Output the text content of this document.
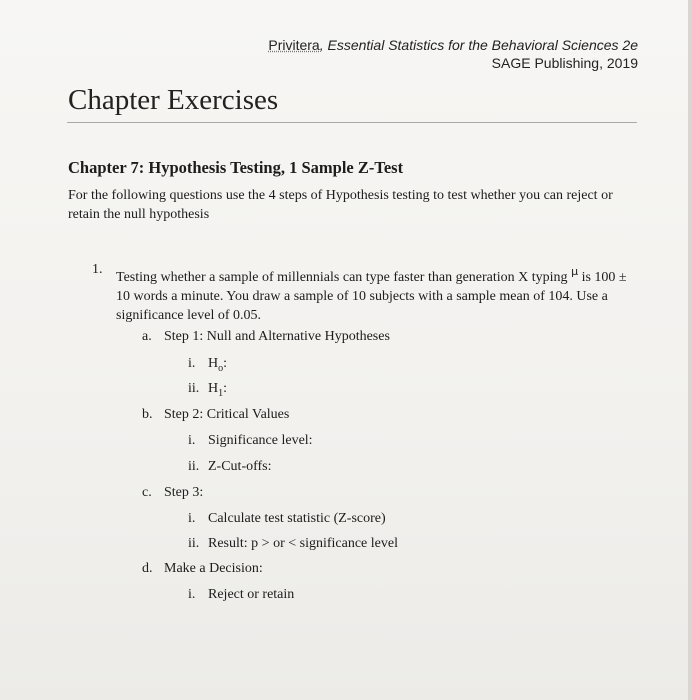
Privitera, Essential Statistics for the Behavioral Sciences 2e
SAGE Publishing, 2019
Chapter Exercises
Chapter 7: Hypothesis Testing, 1 Sample Z-Test

For the following questions use the 4 steps of Hypothesis testing to test whether you can reject or retain the null hypothesis

1.

Testing whether a sample of millennials can type faster than generation X typing $^\mu$ is 100 ± 10 words a minute. You draw a sample of 10 subjects with a sample mean of 104. Use a significance level of 0.05.

a. Step 1: Null and Alternative Hypotheses
i. $H_o$:
ii. $H_1$:
b. Step 2: Critical Values
i. Significance level:
ii. Z-Cut-offs:
c. Step 3:
i. Calculate test statistic (Z-score)
ii. Result: p > or < significance level
d. Make a Decision:
i. Reject or retain
